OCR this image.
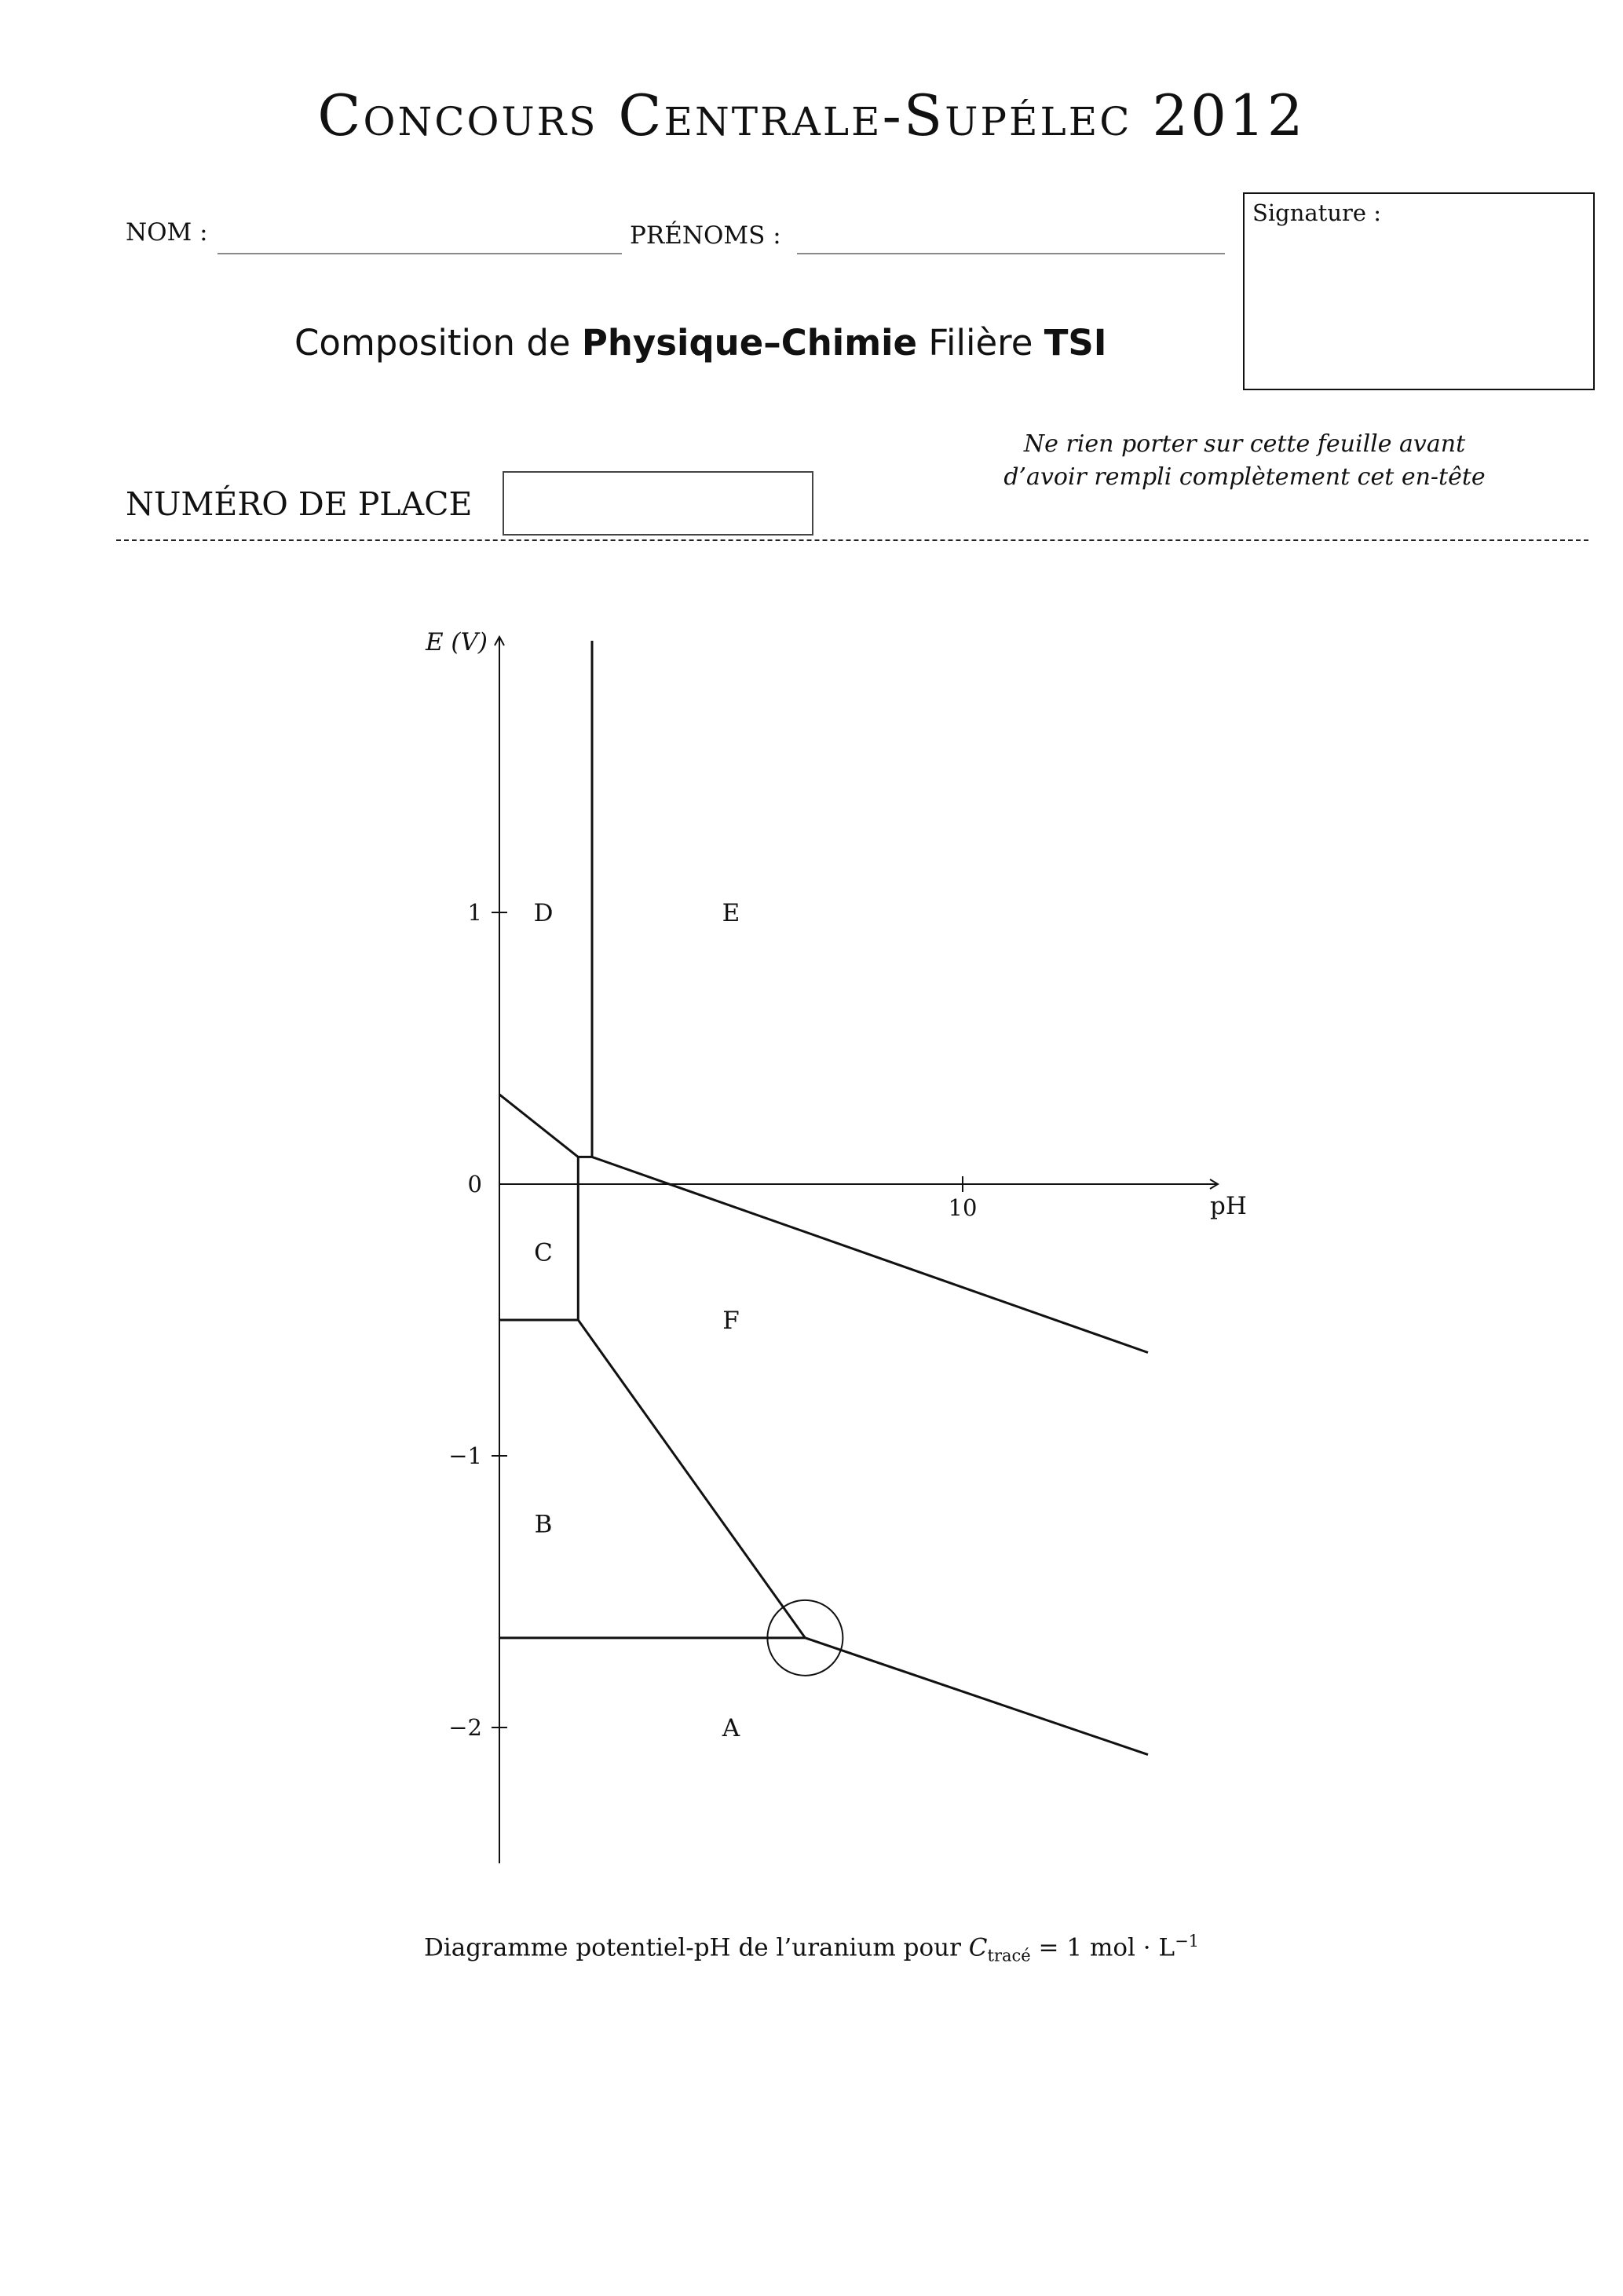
Concours Centrale-Supélec 2012
NOM :	PRÉNOMS :
Signature :
Composition de Physique–Chimie Filière TSI
Ne rien porter sur cette feuille avant
d’avoir rempli complètement cet en-tête
NUMÉRO DE PLACE
E (V)
pH
1
0
−1
−2
10
D	E
C
F
B
A
Diagramme potentiel-pH de l’uranium pour $C_{tracé} = 1$ mol · $L^{-1}$
